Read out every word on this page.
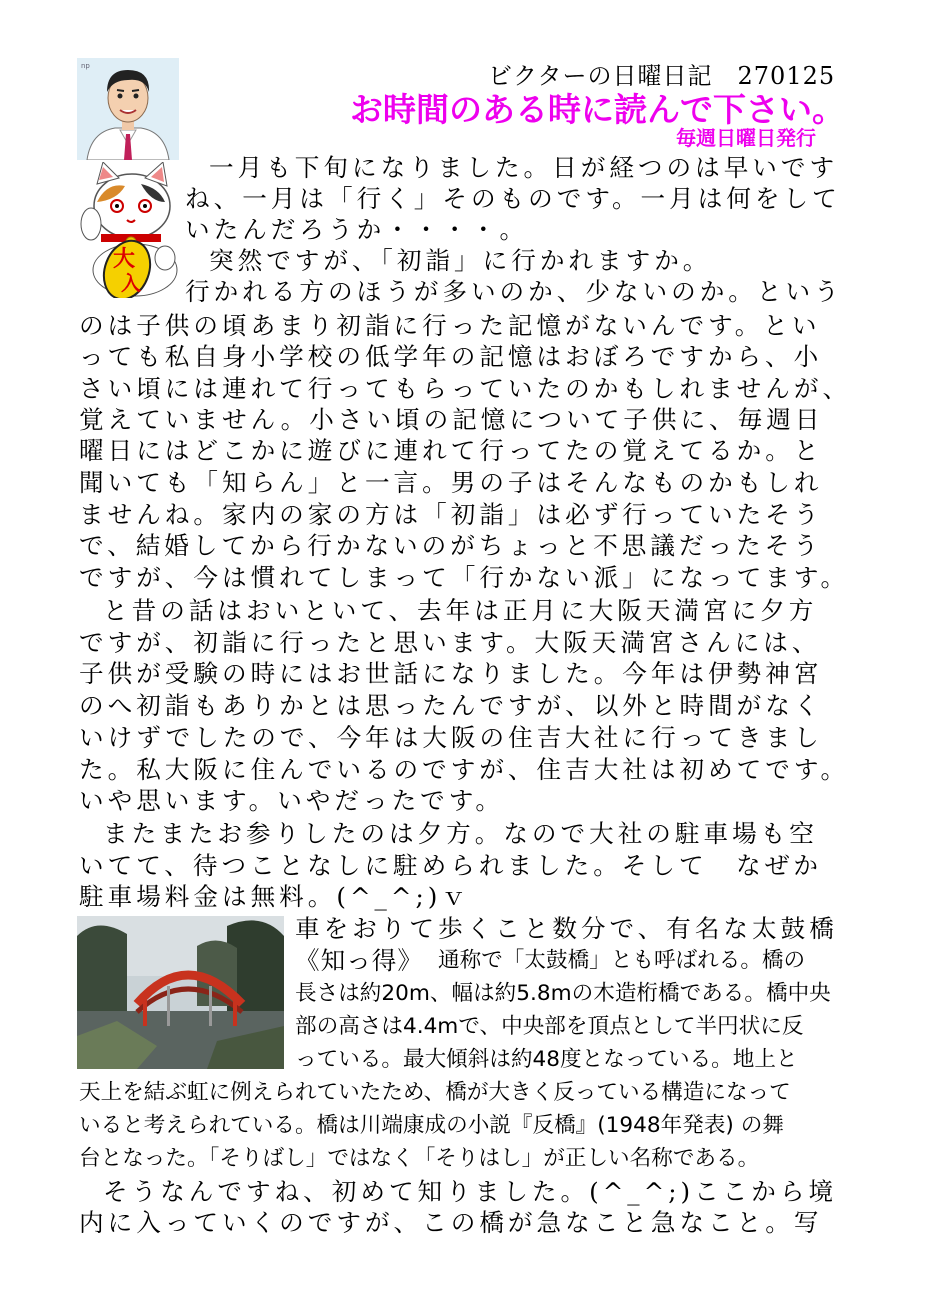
ビクターの日曜日記　270125
お時間のある時に読んで下さい。
毎週日曜日発行
np
大
入
一月も下旬になりました。日が経つのは早いです
ね、一月は「行く」そのものです。一月は何をして
いたんだろうか・・・・。
突然ですが、「初詣」に行かれますか。
行かれる方のほうが多いのか、少ないのか。という
のは子供の頃あまり初詣に行った記憶がないんです。とい
っても私自身小学校の低学年の記憶はおぼろですから、小
さい頃には連れて行ってもらっていたのかもしれませんが、
覚えていません。小さい頃の記憶について子供に、毎週日
曜日にはどこかに遊びに連れて行ってたの覚えてるか。と
聞いても「知らん」と一言。男の子はそんなものかもしれ
ませんね。家内の家の方は「初詣」は必ず行っていたそう
で、結婚してから行かないのがちょっと不思議だったそう
ですが、今は慣れてしまって「行かない派」になってます。
と昔の話はおいといて、去年は正月に大阪天満宮に夕方
ですが、初詣に行ったと思います。大阪天満宮さんには、
子供が受験の時にはお世話になりました。今年は伊勢神宮
のへ初詣もありかとは思ったんですが、以外と時間がなく
いけずでしたので、今年は大阪の住吉大社に行ってきまし
た。私大阪に住んでいるのですが、住吉大社は初めてです。
いや思います。いやだったです。
またまたお参りしたのは夕方。なので大社の駐車場も空
いてて、待つことなしに駐められました。そして　なぜか
駐車場料金は無料。(^_^;)ｖ
車をおりて歩くこと数分で、有名な太鼓橋
《知っ得》 通称で「太鼓橋」とも呼ばれる。橋の
長さは約20m、幅は約5.8mの木造桁橋である。橋中央
部の高さは4.4mで、中央部を頂点として半円状に反
っている。最大傾斜は約48度となっている。地上と
天上を結ぶ虹に例えられていたため、橋が大きく反っている構造になって
いると考えられている。橋は川端康成の小説『反橋』(1948年発表) の舞
台となった。「そりばし」ではなく「そりはし」が正しい名称である。
そうなんですね、初めて知りました。(^_^;)ここから境
内に入っていくのですが、この橋が急なこと急なこと。写
